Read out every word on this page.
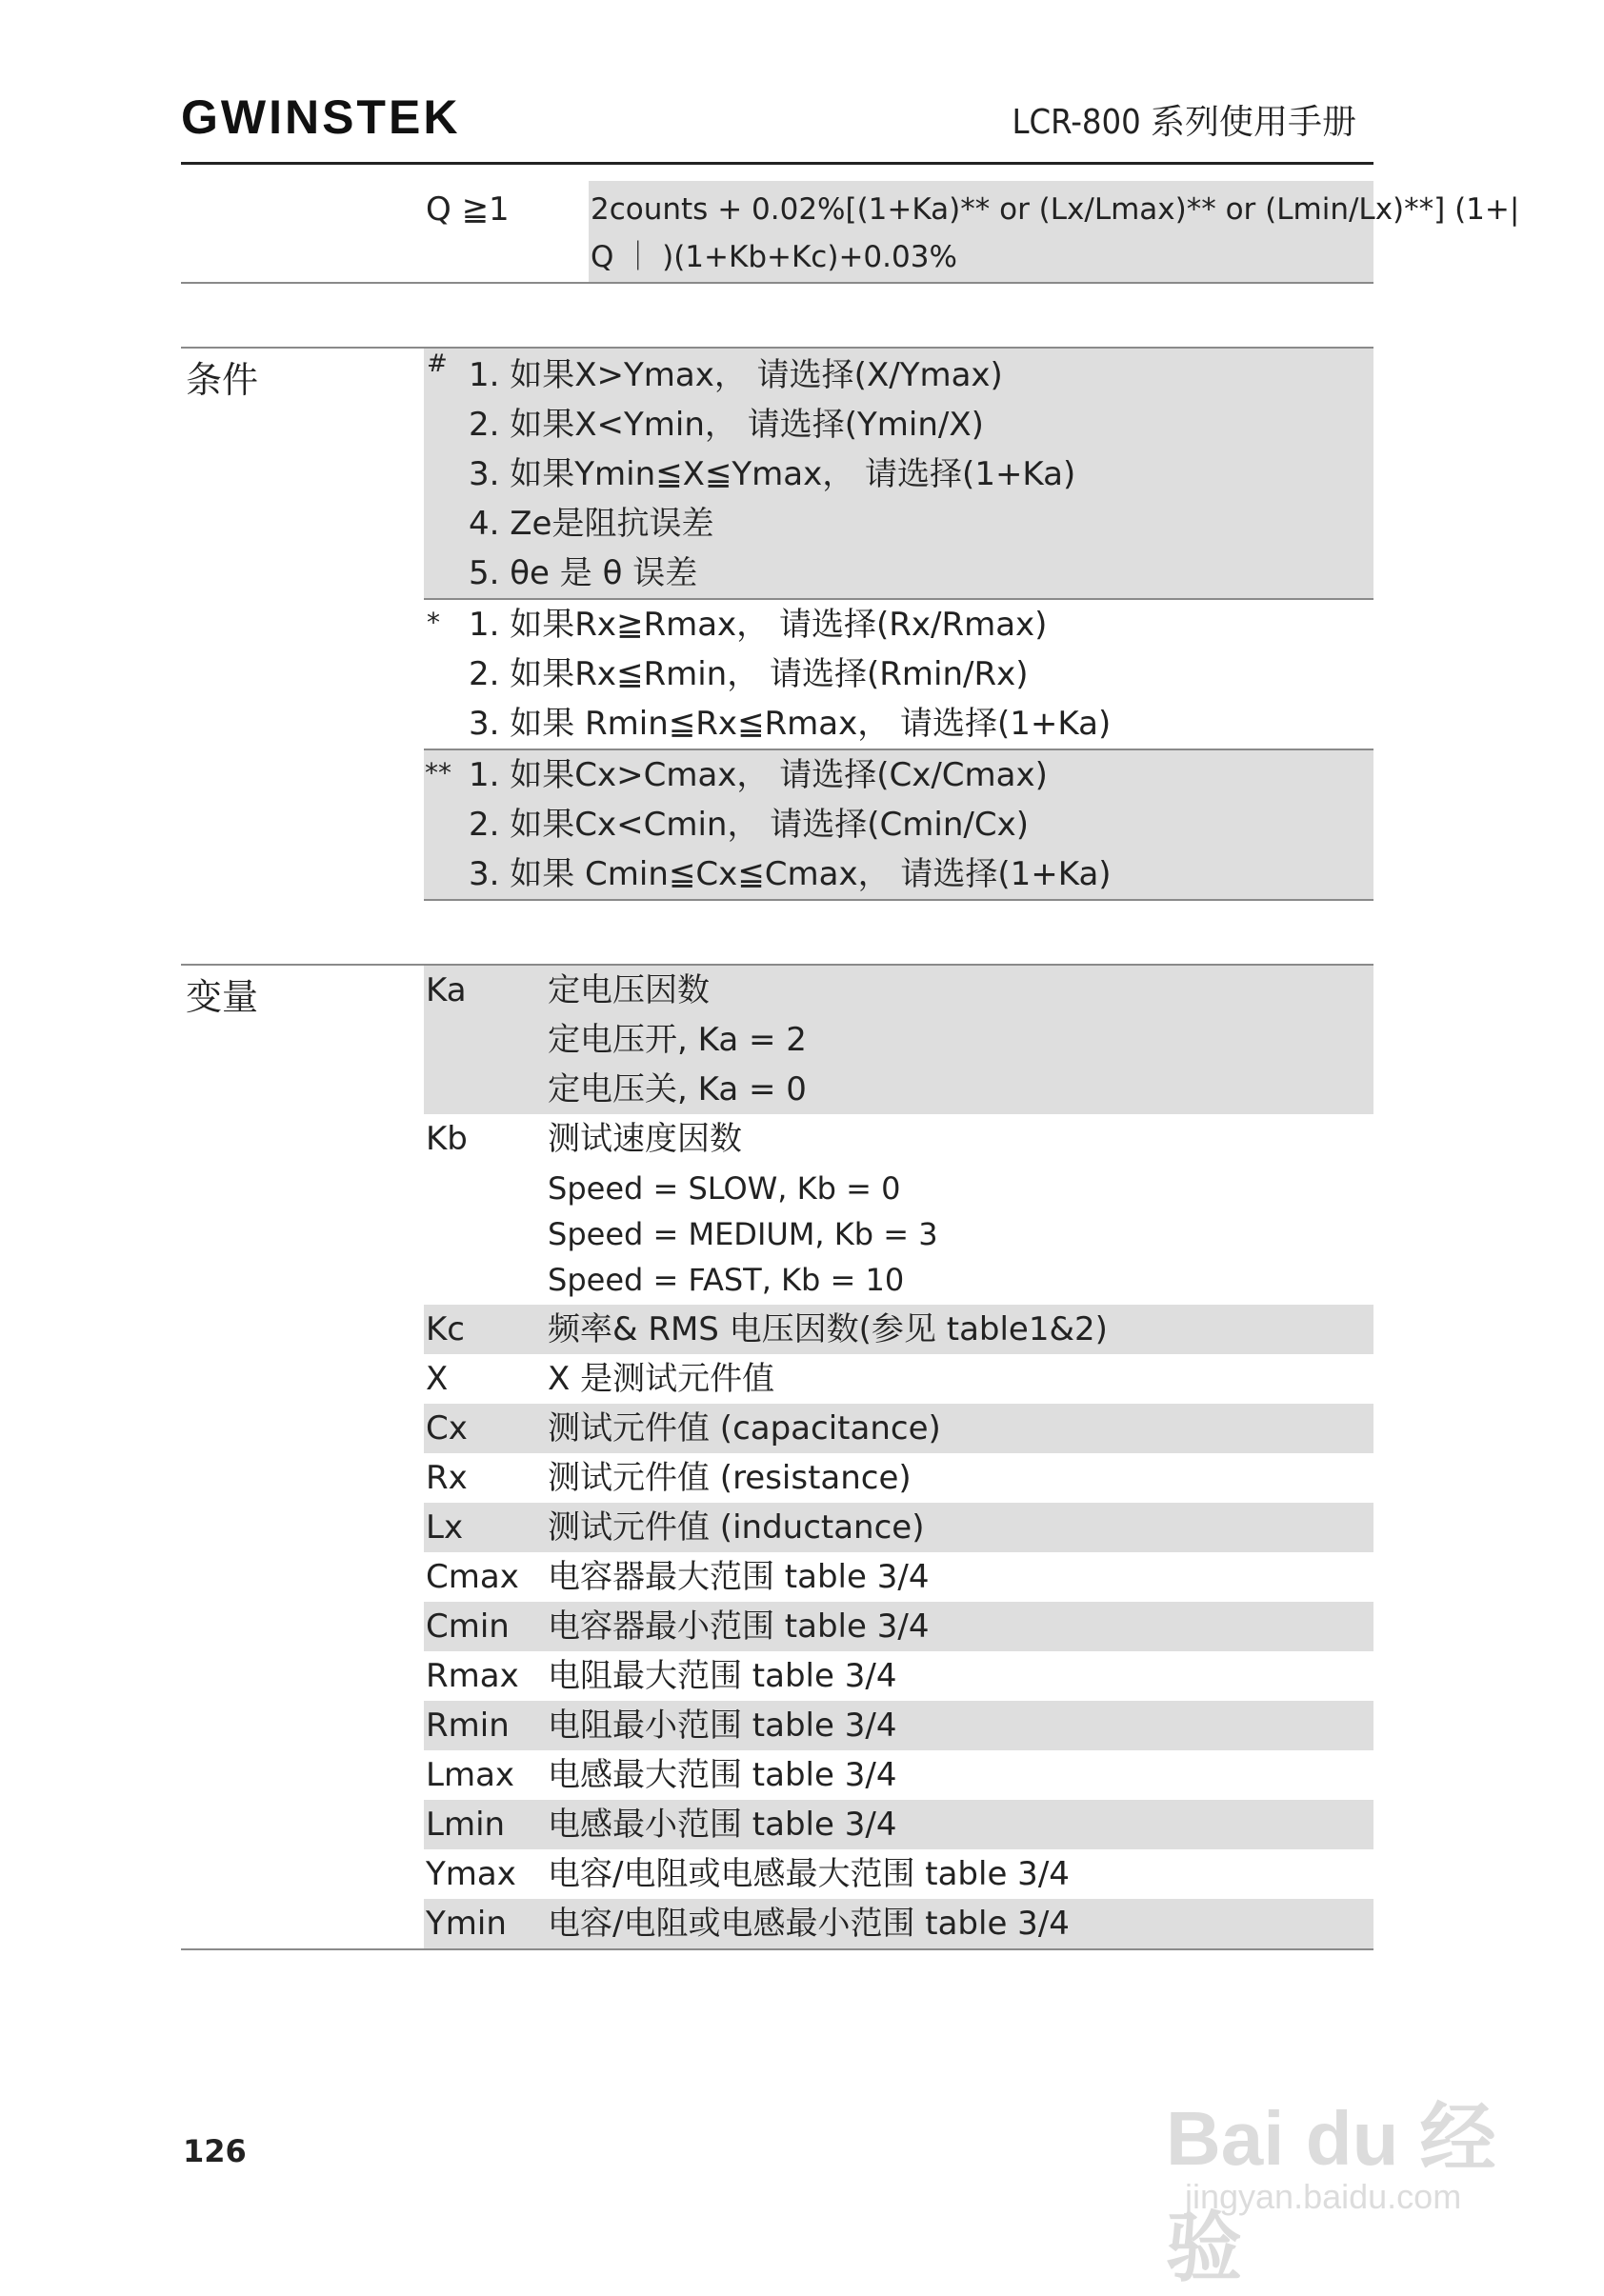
GWINSTEK	LCR-800 系列使用手册
Q ≧1	2counts + 0.02%[(1+Ka)** or (Lx/Lmax)** or (Lmin/Lx)**] (1+|
Q ｜ )(1+Kb+Kc)+0.03%
条件	# 1. 如果X>Ymax， 请选择(X/Ymax)
2. 如果X<Ymin， 请选择(Ymin/X)
3. 如果Ymin≦X≦Ymax， 请选择(1+Ka)
4. Ze是阻抗误差
5. θe 是 θ 误差
* 1. 如果Rx≧Rmax， 请选择(Rx/Rmax)
2. 如果Rx≦Rmin， 请选择(Rmin/Rx)
3. 如果 Rmin≦Rx≦Rmax， 请选择(1+Ka)
** 1. 如果Cx>Cmax， 请选择(Cx/Cmax)
2. 如果Cx<Cmin， 请选择(Cmin/Cx)
3. 如果 Cmin≦Cx≦Cmax， 请选择(1+Ka)
变量	Ka	定电压因数
定电压开, Ka = 2
定电压关, Ka = 0
Kb 测试速度因数
Speed = SLOW, Kb = 0
Speed = MEDIUM, Kb = 3
Speed = FAST, Kb = 10
Kc	频率& RMS 电压因数(参见 table1&2)
X	X 是测试元件值
Cx 测试元件值 (capacitance)
Rx 测试元件值 (resistance)
Lx	测试元件值 (inductance)
Cmax 电容器最大范围 table 3/4
Cmin 电容器最小范围 table 3/4
Rmax 电阻最大范围 table 3/4
Rmin 电阻最小范围 table 3/4
Lmax 电感最大范围 table 3/4
Lmin 电感最小范围 table 3/4
Ymax 电容/电阻或电感最大范围 table 3/4
Ymin 电容/电阻或电感最小范围 table 3/4
126	Bai du 经验
jingyan.baidu.com
